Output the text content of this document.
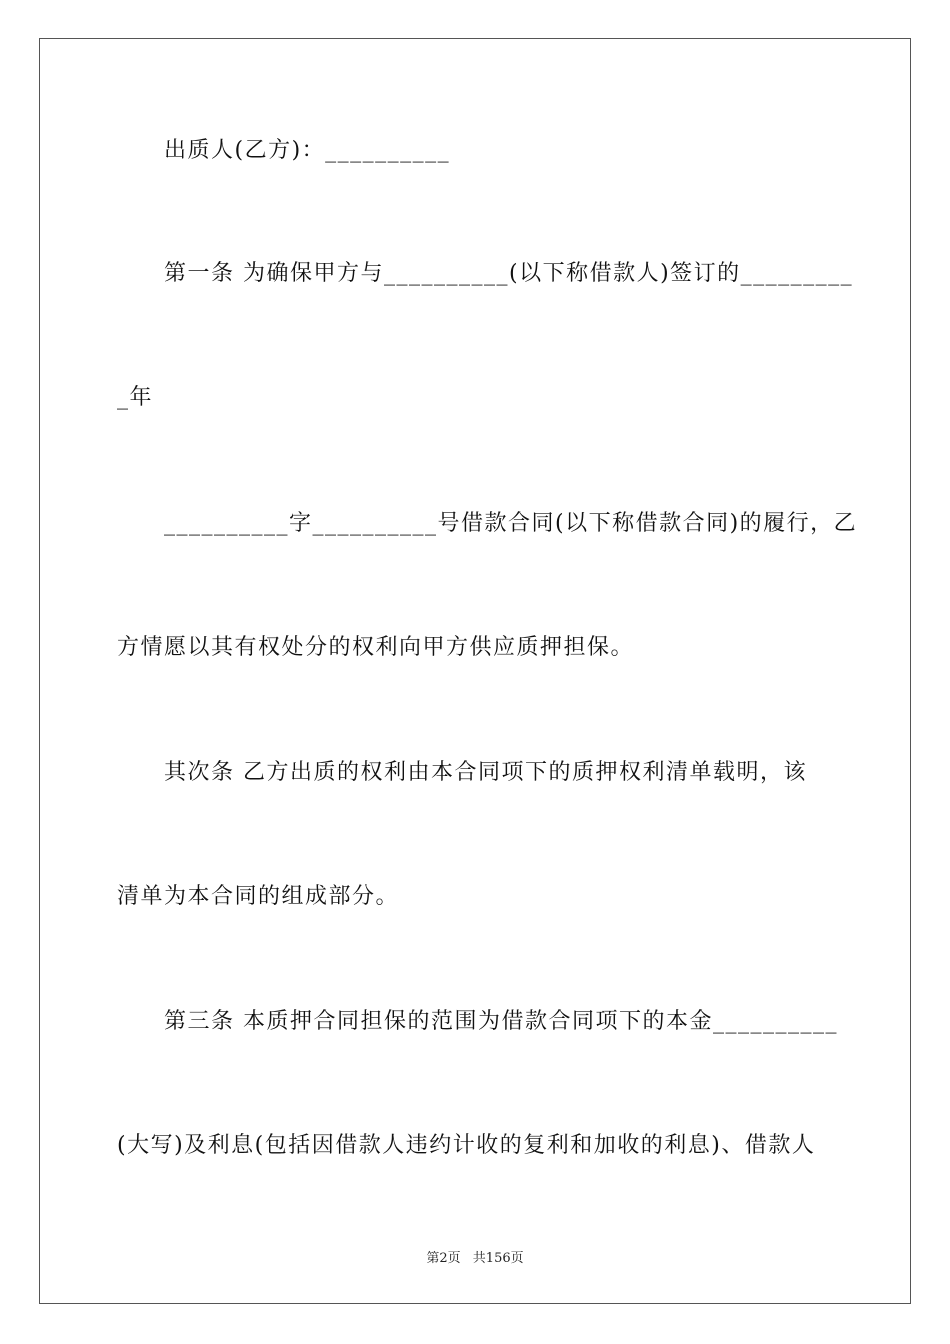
出质人(乙方)：__________
第一条 为确保甲方与__________(以下称借款人)签订的_________
_年
__________字__________号借款合同(以下称借款合同)的履行，乙
方情愿以其有权处分的权利向甲方供应质押担保。
其次条 乙方出质的权利由本合同项下的质押权利清单载明，该
清单为本合同的组成部分。
第三条 本质押合同担保的范围为借款合同项下的本金__________
(大写)及利息(包括因借款人违约计收的复利和加收的利息)、借款人
第2页 共156页
